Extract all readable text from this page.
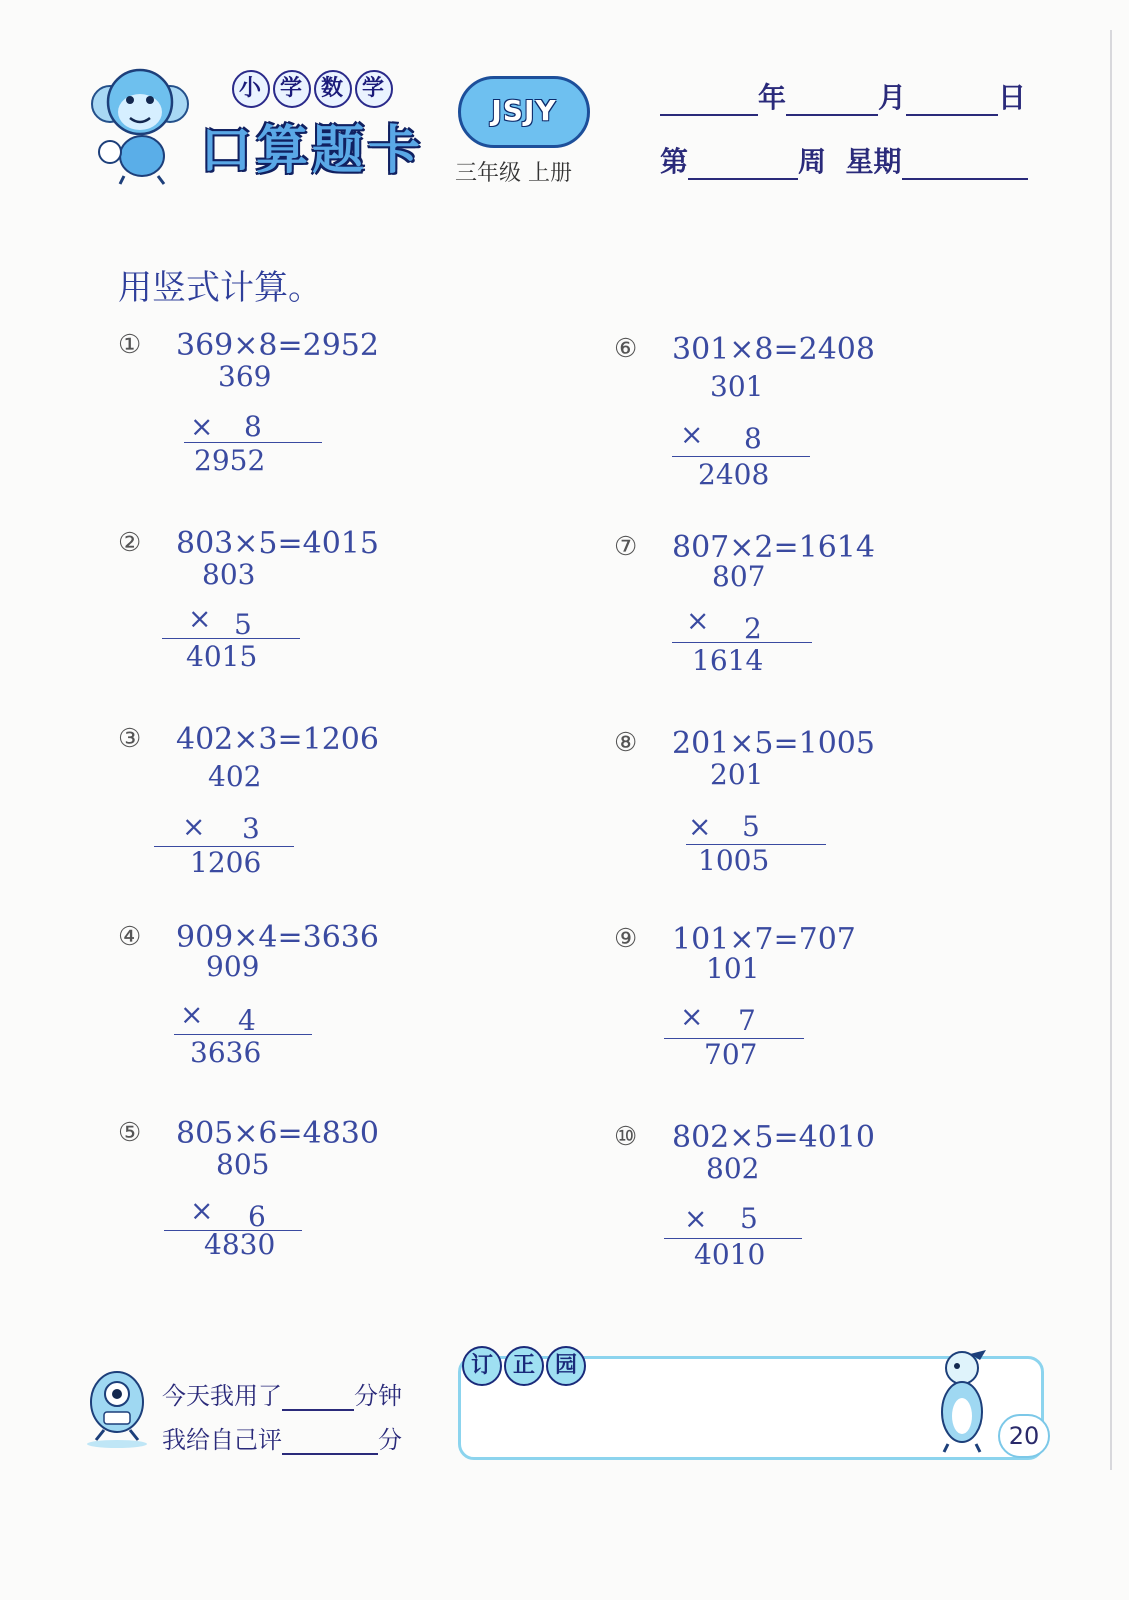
小 学 数 学
口算题卡
JSJY
三年级 上册
年	月	日
第	周 星期
用竖式计算。
① 369×8=2952
369
× 8
2952
② 803×5=4015
803
× 5
4015
③ 402×3=1206
402
× 3
1206
④ 909×4=3636
909
× 4
3636
⑤ 805×6=4830
805
× 6
4830
⑥ 301×8=2408
301
× 8
2408
⑦ 807×2=1614
807
× 2
1614
⑧ 201×5=1005
201
× 5
1005
⑨ 101×7=707
101
× 7
707
⑩ 802×5=4010
802
× 5
4010
今天我用了	分钟
我给自己评	分
订 正 园
20
